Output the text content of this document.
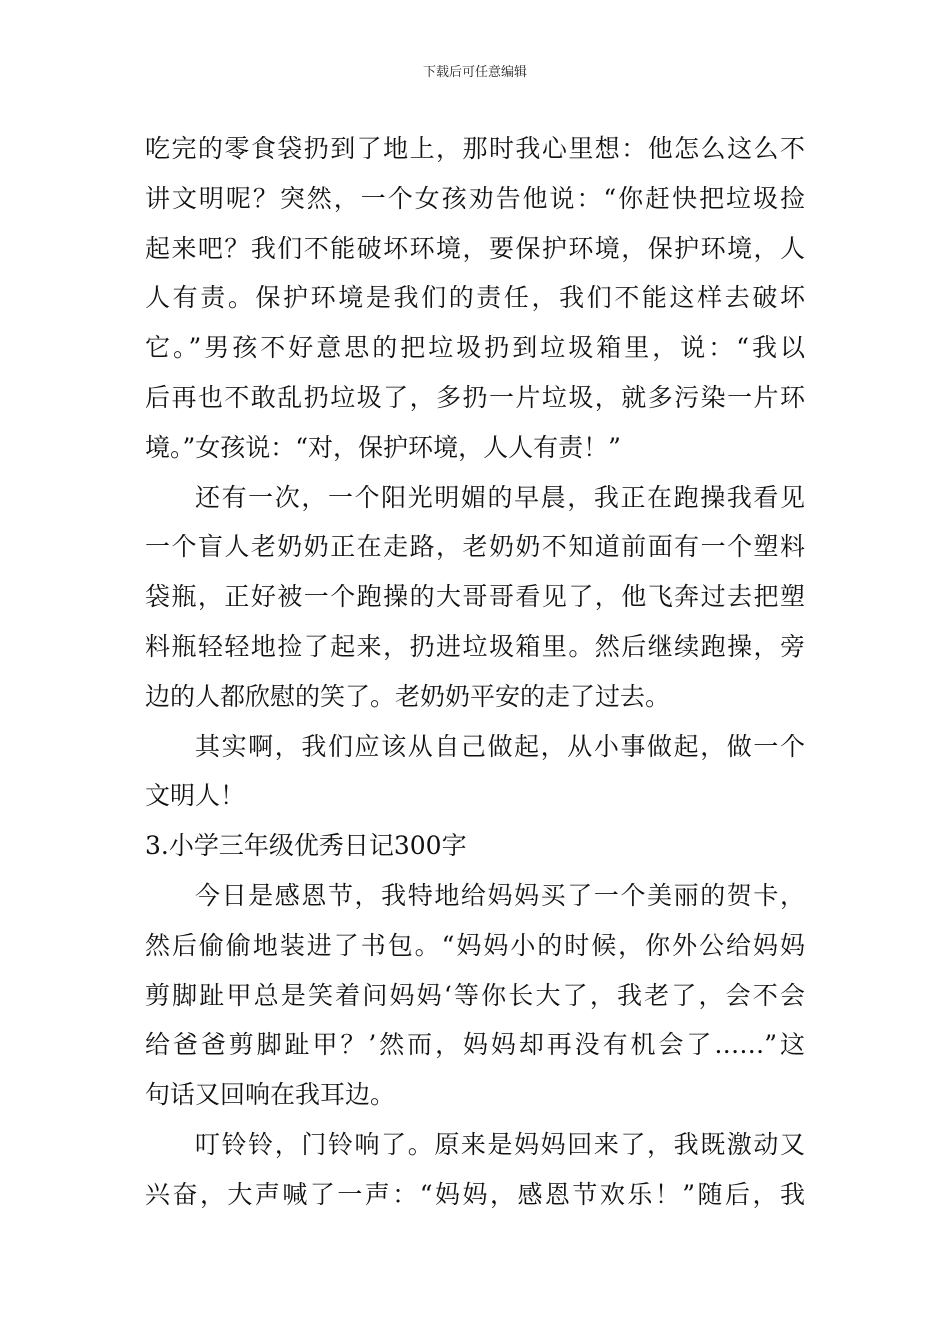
下载后可任意编辑
吃完的零食袋扔到了地上，那时我心里想：他怎么这么不
讲文明呢？突然，一个女孩劝告他说：“你赶快把垃圾捡
起来吧？我们不能破坏环境，要保护环境，保护环境，人
人有责。保护环境是我们的责任，我们不能这样去破坏
它。”男孩不好意思的把垃圾扔到垃圾箱里，说：“我以
后再也不敢乱扔垃圾了，多扔一片垃圾，就多污染一片环
境。”女孩说：“对，保护环境，人人有责！”
还有一次，一个阳光明媚的早晨，我正在跑操我看见
一个盲人老奶奶正在走路，老奶奶不知道前面有一个塑料
袋瓶，正好被一个跑操的大哥哥看见了，他飞奔过去把塑
料瓶轻轻地捡了起来，扔进垃圾箱里。然后继续跑操，旁
边的人都欣慰的笑了。老奶奶平安的走了过去。
其实啊，我们应该从自己做起，从小事做起，做一个
文明人！
3.小学三年级优秀日记300字
今日是感恩节，我特地给妈妈买了一个美丽的贺卡，
然后偷偷地装进了书包。“妈妈小的时候，你外公给妈妈
剪脚趾甲总是笑着问妈妈‘等你长大了，我老了，会不会
给爸爸剪脚趾甲？’然而，妈妈却再没有机会了……”这
句话又回响在我耳边。
叮铃铃，门铃响了。原来是妈妈回来了，我既激动又
兴奋，大声喊了一声：“妈妈，感恩节欢乐！”随后，我
